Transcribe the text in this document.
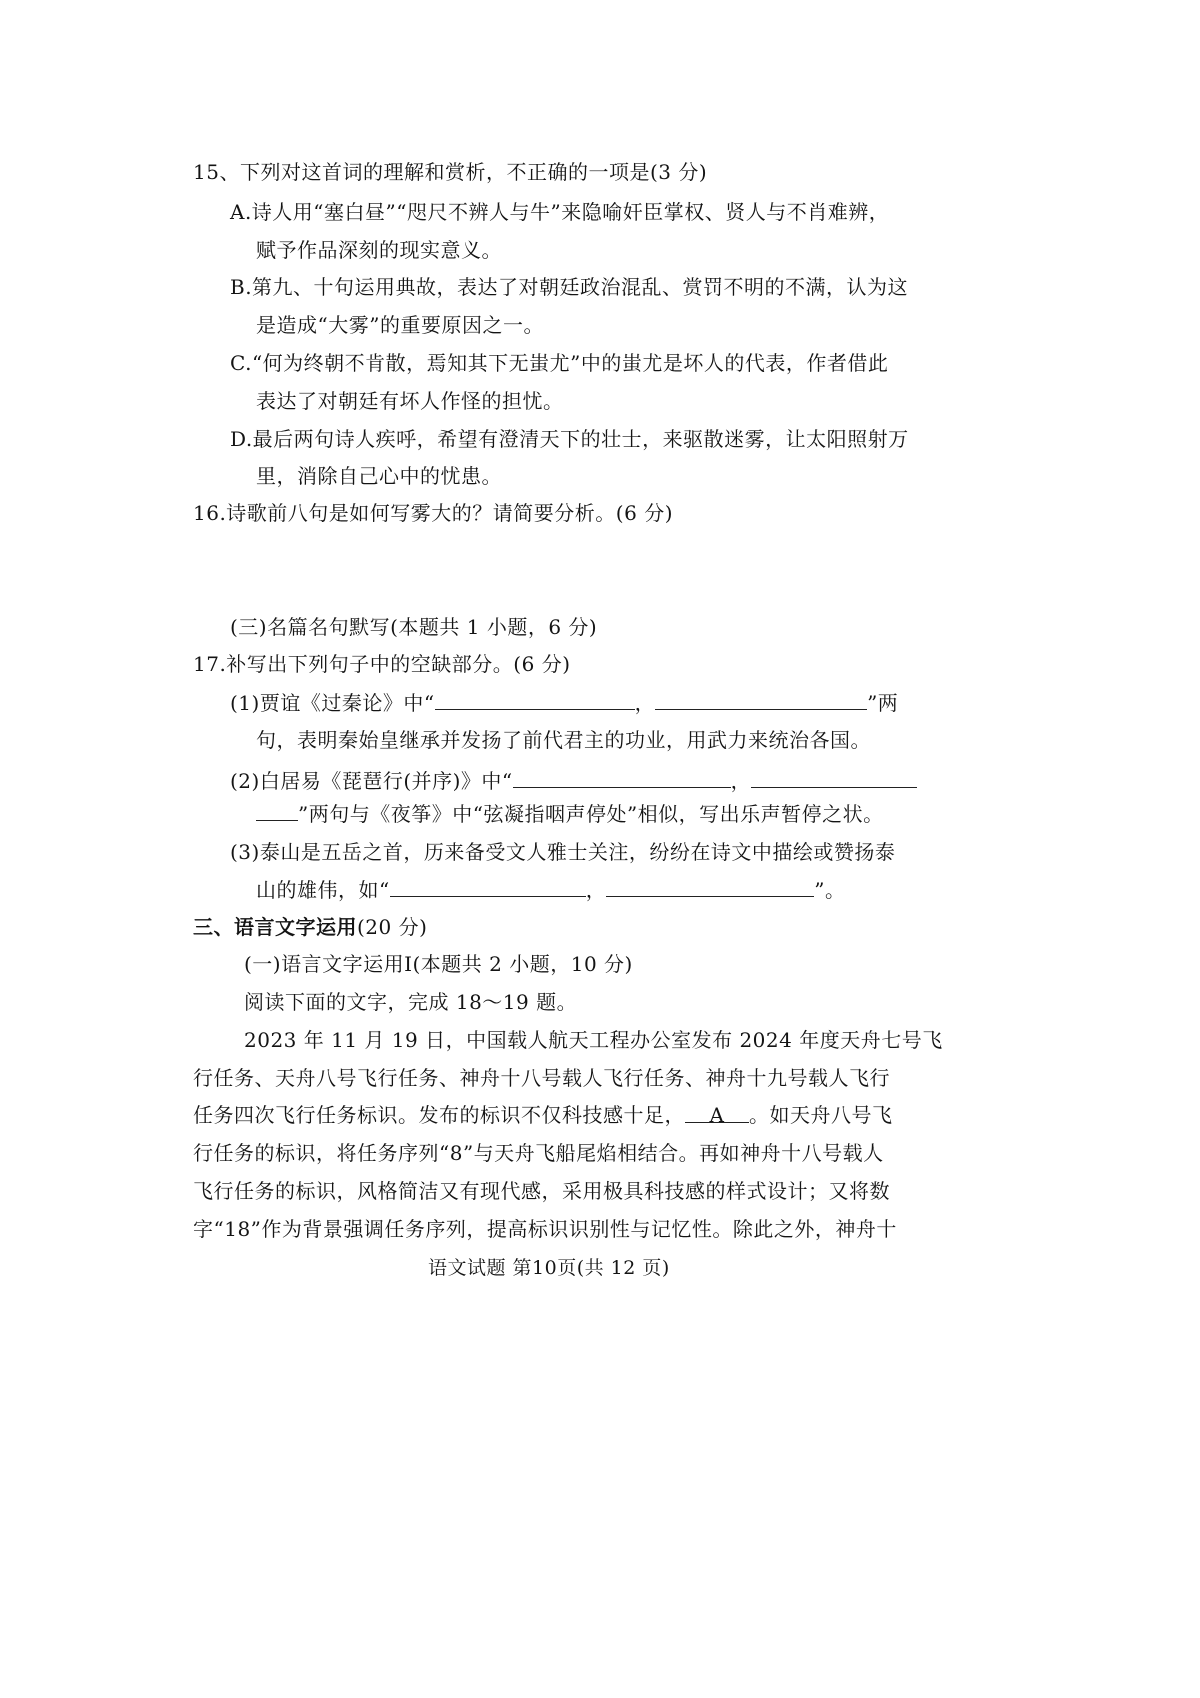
15、下列对这首词的理解和赏析，不正确的一项是(3 分)
A.诗人用“塞白昼”“咫尺不辨人与牛”来隐喻奸臣掌权、贤人与不肖难辨，
赋予作品深刻的现实意义。
B.第九、十句运用典故，表达了对朝廷政治混乱、赏罚不明的不满，认为这
是造成“大雾”的重要原因之一。
C.“何为终朝不肯散，焉知其下无蚩尤”中的蚩尤是坏人的代表，作者借此
表达了对朝廷有坏人作怪的担忧。
D.最后两句诗人疾呼，希望有澄清天下的壮士，来驱散迷雾，让太阳照射万
里，消除自己心中的忧患。
16.诗歌前八句是如何写雾大的？请简要分析。(6 分)
(三)名篇名句默写(本题共 1 小题，6 分)
17.补写出下列句子中的空缺部分。(6 分)
(1)贾谊《过秦论》中“	，	”两
句，表明秦始皇继承并发扬了前代君主的功业，用武力来统治各国。
(2)白居易《琵琶行(并序)》中“	，
”两句与《夜筝》中“弦凝指咽声停处”相似，写出乐声暂停之状。
(3)泰山是五岳之首，历来备受文人雅士关注，纷纷在诗文中描绘或赞扬泰
山的雄伟，如“	，	”。
三、语言文字运用(20 分)
(一)语言文字运用Ⅰ(本题共 2 小题，10 分)
阅读下面的文字，完成 18～19 题。
2023 年 11 月 19 日，中国载人航天工程办公室发布 2024 年度天舟七号飞
行任务、天舟八号飞行任务、神舟十八号载人飞行任务、神舟十九号载人飞行
任务四次飞行任务标识。发布的标识不仅科技感十足， A 。如天舟八号飞
行任务的标识，将任务序列“8”与天舟飞船尾焰相结合。再如神舟十八号载人
飞行任务的标识，风格简洁又有现代感，采用极具科技感的样式设计；又将数
字“18”作为背景强调任务序列，提高标识识别性与记忆性。除此之外，神舟十
语文试题 第10页(共 12 页)
